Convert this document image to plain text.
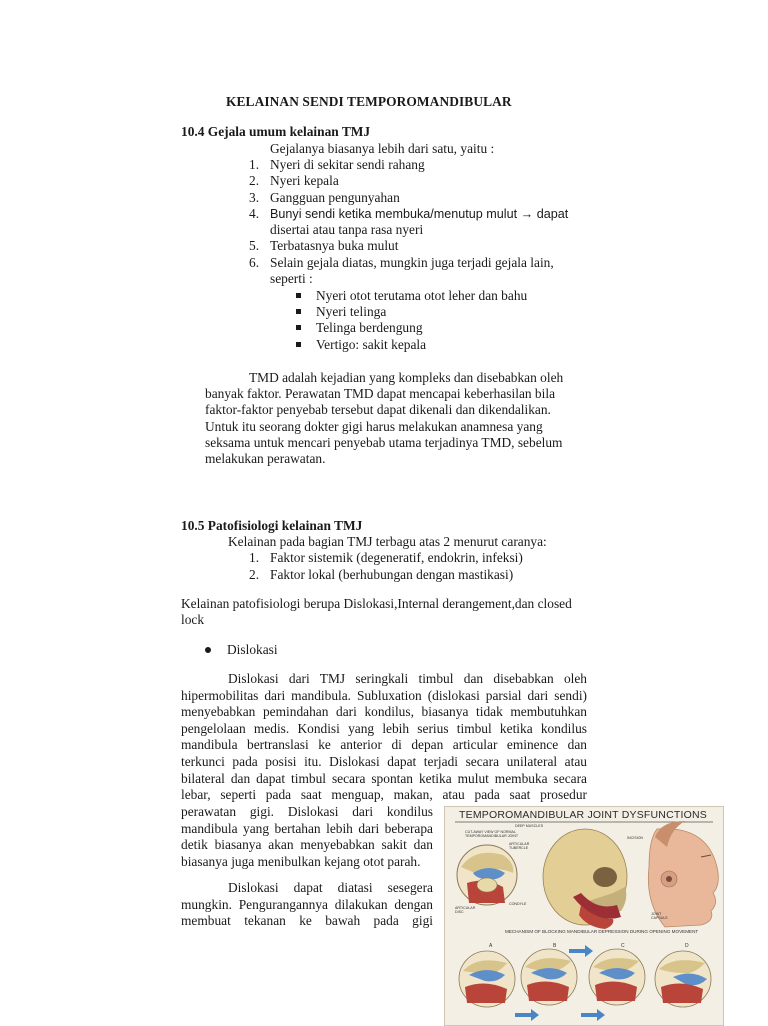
KELAINAN SENDI TEMPOROMANDIBULAR
10.4 Gejala umum kelainan TMJ
Gejalanya biasanya lebih dari satu, yaitu :
1. Nyeri di sekitar sendi rahang
2. Nyeri kepala
3. Gangguan pengunyahan
4. Bunyi sendi ketika membuka/menutup mulut → dapat
disertai atau tanpa rasa nyeri
5. Terbatasnya buka mulut
6. Selain gejala diatas, mungkin juga terjadi gejala lain,
seperti :
Nyeri otot terutama otot leher dan bahu
Nyeri telinga
Telinga berdengung
Vertigo: sakit kepala
TMD adalah kejadian yang kompleks dan disebabkan oleh
banyak faktor. Perawatan TMD dapat mencapai keberhasilan bila
faktor-faktor penyebab tersebut dapat dikenali dan dikendalikan.
Untuk itu seorang dokter gigi harus melakukan anamnesa yang
seksama untuk mencari penyebab utama terjadinya TMD, sebelum
melakukan perawatan.
10.5 Patofisiologi kelainan TMJ
Kelainan pada bagian TMJ terbagu atas 2 menurut caranya:
1. Faktor sistemik (degeneratif, endokrin, infeksi)
2. Faktor lokal (berhubungan dengan mastikasi)
Kelainan patofisiologi berupa Dislokasi,Internal derangement,dan closed
lock
Dislokasi
Dislokasi dari TMJ seringkali timbul dan disebabkan oleh
hipermobilitas dari mandibula. Subluxation (dislokasi parsial dari sendi)
menyebabkan pemindahan dari kondilus, biasanya tidak membutuhkan
pengelolaan medis. Kondisi yang lebih serius timbul ketika kondilus
mandibula bertranslasi ke anterior di depan articular eminence dan
terkunci pada posisi itu. Dislokasi dapat terjadi secara unilateral atau
bilateral dan dapat timbul secara spontan ketika mulut membuka secara
lebar, seperti pada saat menguap, makan, atau pada saat prosedur
perawatan gigi. Dislokasi dari kondilus
mandibula yang bertahan lebih dari beberapa
detik biasanya akan menyebabkan sakit dan
biasanya juga menibulkan kejang otot parah.
Dislokasi dapat diatasi sesegera
mungkin. Pengurangannya dilakukan dengan
membuat tekanan ke bawah pada gigi
TEMPOROMANDIBULAR JOINT DYSFUNCTIONS
DEEP MUSCLES
CUT-AWAY VIEW OF NORMAL
TEMPOROMANDIBULAR JOINT
ARTICULAR
TUBERCLE
INCISION
JOINT
CAPSULE
CONDYLE
ARTICULAR
DISC
A	B	C	D
MECHANISM OF BLOCKING MANDIBULAR DEPRESSION DURING OPENING MOVEMENT
